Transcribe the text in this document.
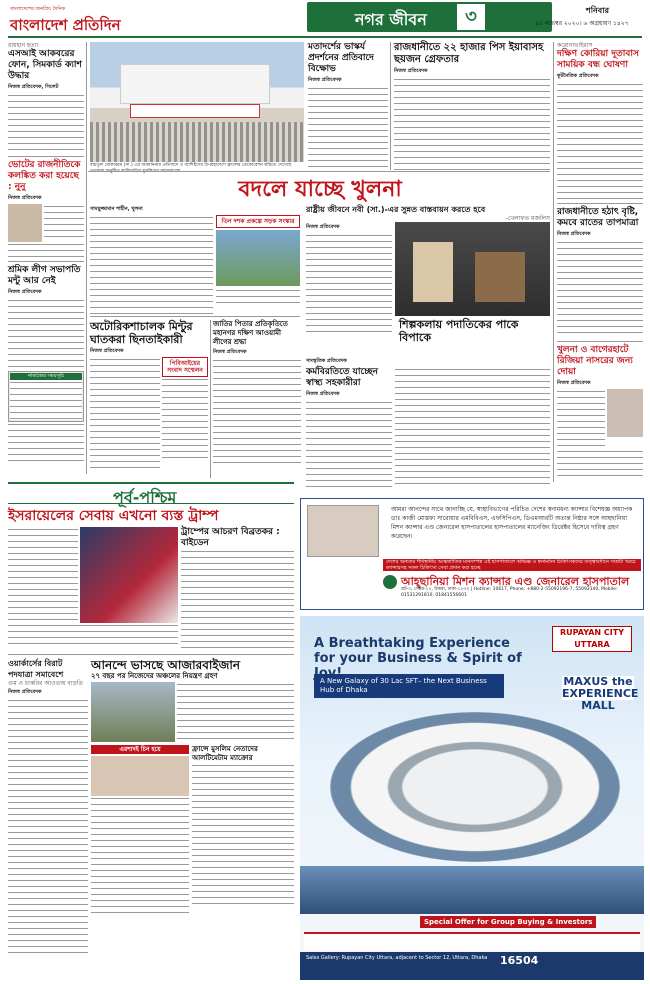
বাংলাদেশের জনপ্রিয় দৈনিক
বাংলাদেশ প্রতিদিন	নগর জীবন	৩	শনিবার
৯১ নভেম্বর ২০২০। ৬ অগ্রহায়ণ ১৪২৭
রায়হান হত্যা
এসআই আকবরের ফোন, সিমকার্ড ক্যাশ উদ্ধার
নিজস্ব প্রতিবেদক, সিলেট
ভোটের রাজনীতিকে কলঙ্কিত করা হয়েছে : নুনু
নিজস্ব প্রতিবেদক
শ্রমিক লীগ সভাপতি মন্টু আর নেই
নিজস্ব প্রতিবেদক
নামাজের সময়সূচি
বায়তুল মোকাররম (সা.) এর অবমাননার প্রতিবাদে ও ব্যাশিষ্টদের উপমহাদেশে ফ্রান্সের ডেকোরেশন করিতে দেখেছে
মতাদর্শের ভাস্কর্য প্রদর্শনের প্রতিবাদে বিক্ষোভ
নিজস্ব প্রতিবেদক
রাজধানীতে ২২ হাজার পিস ইয়াবাসহ ছয়জন গ্রেফতার
নিজস্ব প্রতিবেদক
করোনাভাইরাস
দক্ষিণ কোরিয়া দূতাবাস সাময়িক বন্ধ ঘোষণা
কূটনৈতিক প্রতিবেদক
রাজধানীতে হঠাৎ বৃষ্টি, কমবে রাতের তাপমাত্রা
নিজস্ব প্রতিবেদক
খুলনা ও বাগেরহাটে রিজিয়া নাসরের জন্য দোয়া
নিজস্ব প্রতিবেদক
বদলে যাচ্ছে খুলনা
সামছুজ্জামান শাহীন, খুলনা
তিন দশক প্রকল্পে সড়ক সংস্কার
রাষ্ট্রীয় জীবনে নবী (সা.)-এর সুন্নত বাস্তবায়ন করতে হবে
-খেলাফত মজলিস
নিজস্ব প্রতিবেদক
শিল্পকলায় পদাতিকের পাকে বিপাকে
সাংস্কৃতিক প্রতিবেদক
কর্মবিরতিতে যাচ্ছেন স্বাস্থ্য সহকারীরা
নিজস্ব প্রতিবেদক
অটোরিকশাচালক মিন্টুর ঘাতকরা ছিনতাইকারী
নিজস্ব প্রতিবেদক
পিবিআইয়ের সংবাদ সম্মেলন
জাতির পিতার প্রতিকৃতিতে মহানগর দক্ষিণ আওয়ামী লীগের শ্রদ্ধা
নিজস্ব প্রতিবেদক
পূর্ব-পশ্চিম
ইসরায়েলের সেবায় এখনো ব্যস্ত ট্রাম্প
ট্রাম্পের আচরণ বিব্রতকর : বাইডেন
ওয়ার্কার্সের বিরাট পদযাত্রা সমাবেশে
গুম ও চাকরির আওতায় বাড়তি
নিজস্ব প্রতিবেদক
আনন্দে ভাসছে আজারবাইজান
২৭ বছর পর নিজেদের অঞ্চলের নিয়ন্ত্রণ গ্রহণ
এরশাদই চিন হয়ে	ফ্রান্সে মুসলিম নেতাদের আলটিমেটাম ম্যাক্রোর
আমরা আনন্দের সাথে জানাচ্ছি যে, স্বাস্থ্যবিভাগের পরিচিত দেশের স্বনামধন্য ক্যান্সার বিশেষজ্ঞ অধ্যাপক ডাঃ কাজী মোস্তফা সারোয়ার এমবিবিএস, এফসিপিএস, ডিএমআরটি অত্যন্ত নিষ্ঠার সঙ্গে আহছানিয়া মিশন ক্যান্সার এণ্ড জেনারেল হাসপাতালের হাসপাতালের ম্যানেজিং ডিরেক্টর হিসেবে দায়িত্ব গ্রহণ করেছেন।
দেশের অন্যতম শীর্ষস্থানীয় আন্তর্জাতিক মানসম্পন্ন এই হাসপাতালে অভিজ্ঞ ও স্বনামধন্য চিকিৎসকদের তত্ত্বাবধানে সাশ্রয়ী খরচে ক্যান্সারসহ সকল চিকিৎসা সেবা প্রদান করা হচ্ছে
আহ্ছানিয়া মিশন ক্যান্সার এণ্ড জেনারেল হাসপাতাল
প্লট-৩, সেক্টর-১০, উত্তরা, ঢাকা-১২৩০ | Hotline: 10617, Phone: +880-2-55092196-7, 55092140, Mobile: 01531291810, 01841556601
A Breathtaking Experience for your Business & Spirit of
A New Galaxy of 30 Lac SFT– the Next Business Hub of Dhaka
RUPAYAN CITY UTTARA
MAXUS the EXPERIENCE MALL
Special Offer for Group Buying & Investors
Sales Gallery: Rupayan City Uttara, adjacent to Sector 12, Uttara, Dhaka	16504
